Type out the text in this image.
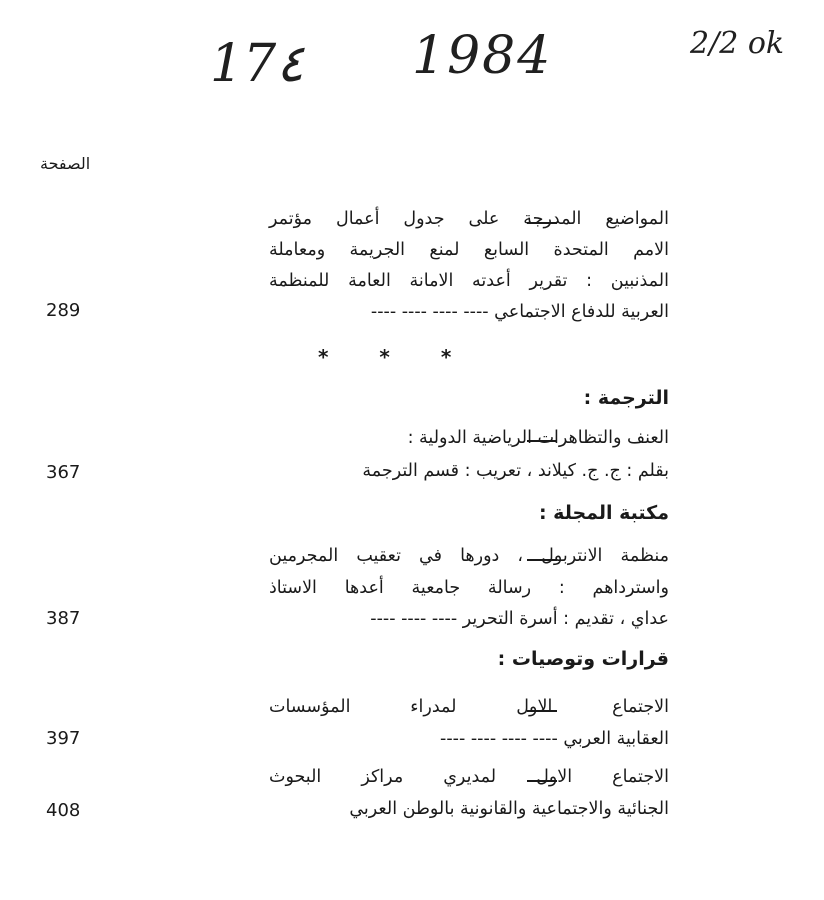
17٤ 1984	2/2 ok
الصفحة
المواضيع المدرجة على جدول أعمال مؤتمر
الامم المتحدة السابع لمنع الجريمة ومعاملة
المذنبين : تقرير أعدته الامانة العامة للمنظمة
العربية للدفاع الاجتماعي ---- ---- ---- ----
289
* * *
الترجمة :
العنف والتظاهرات الرياضية الدولية :
بقلم : ج. ج. كيلاند ، تعريب : قسم الترجمة
367
مكتبة المجلة :
منظمة الانتربول ، دورها في تعقيب المجرمين
واسترداهم : رسالة جامعية أعدها الاستاذ
عداي ، تقديم : أسرة التحرير ---- ---- ----
387
قرارات وتوصيات :
الاجتماع الاول لمدراء المؤسسات
العقابية العربي ---- ---- ---- ----
397
الاجتماع الاول لمديري مراكز البحوث
الجنائية والاجتماعية والقانونية بالوطن العربي
408
